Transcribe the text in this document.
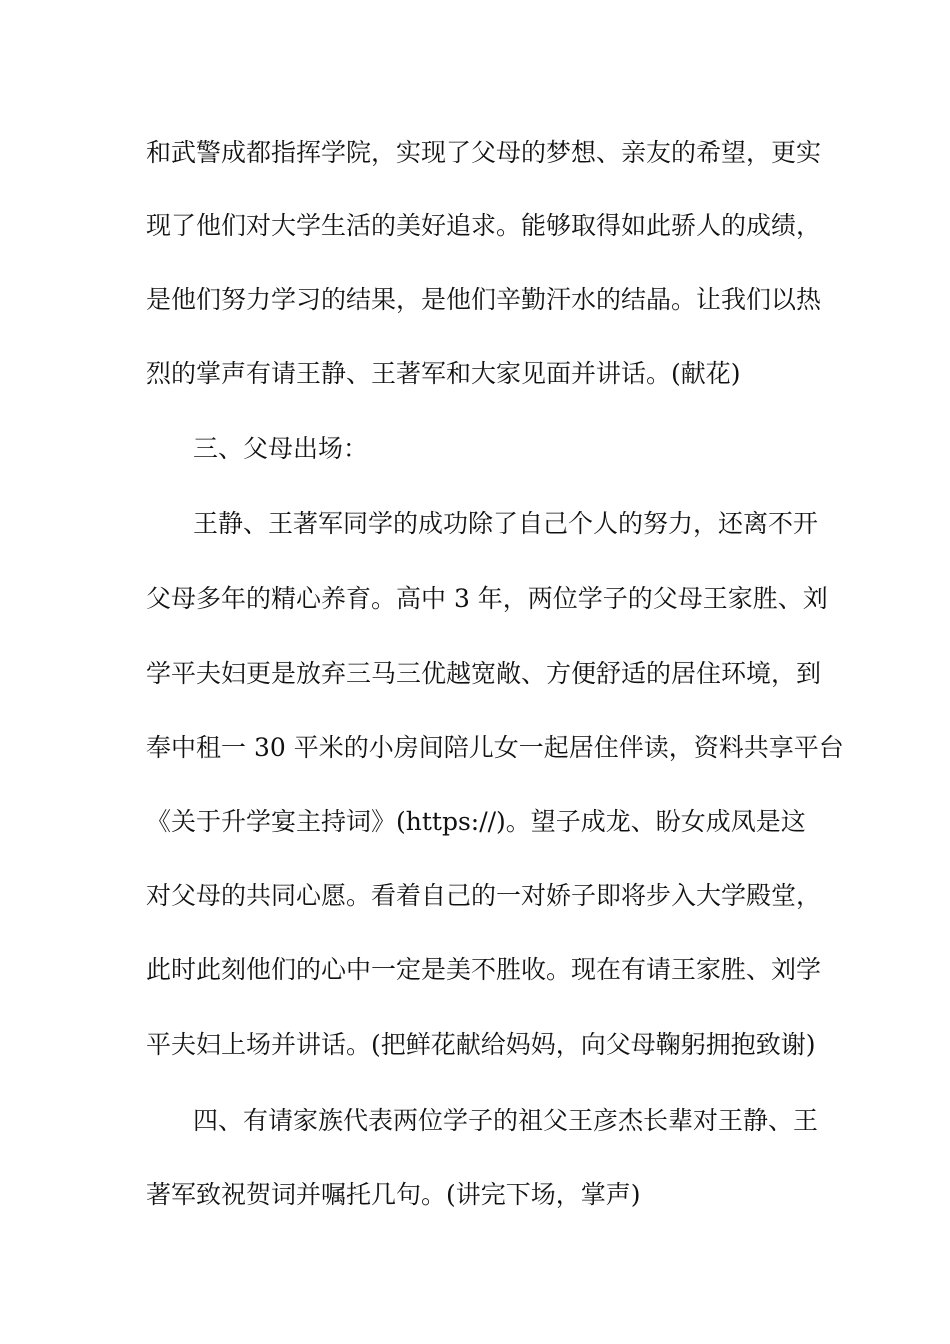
和武警成都指挥学院，实现了父母的梦想、亲友的希望，更实
现了他们对大学生活的美好追求。能够取得如此骄人的成绩，
是他们努力学习的结果，是他们辛勤汗水的结晶。让我们以热
烈的掌声有请王静、王著军和大家见面并讲话。(献花)
三、父母出场：
王静、王著军同学的成功除了自己个人的努力，还离不开
父母多年的精心养育。高中 3 年，两位学子的父母王家胜、刘
学平夫妇更是放弃三马三优越宽敞、方便舒适的居住环境，到
奉中租一 30 平米的小房间陪儿女一起居住伴读，资料共享平台
《关于升学宴主持词》(https://)。望子成龙、盼女成凤是这
对父母的共同心愿。看着自己的一对娇子即将步入大学殿堂，
此时此刻他们的心中一定是美不胜收。现在有请王家胜、刘学
平夫妇上场并讲话。(把鲜花献给妈妈，向父母鞠躬拥抱致谢)
四、有请家族代表两位学子的祖父王彦杰长辈对王静、王
著军致祝贺词并嘱托几句。(讲完下场，掌声)
